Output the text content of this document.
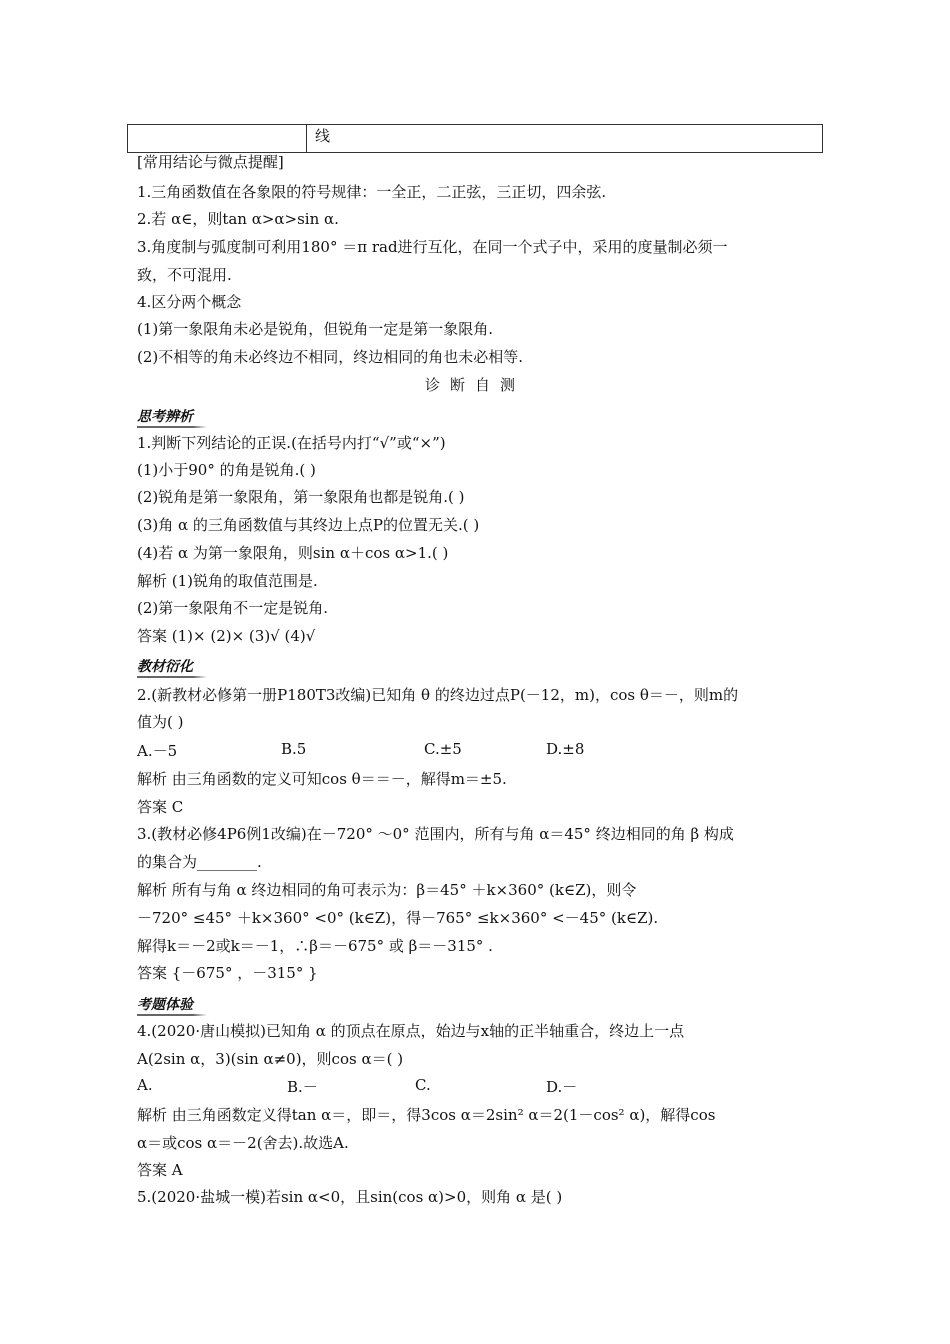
	线
[常用结论与微点提醒]
1.三角函数值在各象限的符号规律：一全正，二正弦，三正切，四余弦.
2.若 α∈，则tan α>α>sin α.
3.角度制与弧度制可利用180° ＝π rad进行互化，在同一个式子中，采用的度量制必须一
致，不可混用.
4.区分两个概念
(1)第一象限角未必是锐角，但锐角一定是第一象限角.
(2)不相等的角未必终边不相同，终边相同的角也未必相等.
诊断自测
思考辨析
1.判断下列结论的正误.(在括号内打“√”或“×”)
(1)小于90° 的角是锐角.( )
(2)锐角是第一象限角，第一象限角也都是锐角.( )
(3)角 α 的三角函数值与其终边上点P的位置无关.( )
(4)若 α 为第一象限角，则sin α＋cos α>1.( )
解析 (1)锐角的取值范围是.
(2)第一象限角不一定是锐角.
答案 (1)× (2)× (3)√ (4)√
教材衍化
2.(新教材必修第一册P180T3改编)已知角 θ 的终边过点P(－12，m)，cos θ＝－，则m的
值为( )
A.－5	B.5	C.±5	D.±8
解析 由三角函数的定义可知cos θ＝＝－，解得m＝±5.
答案 C
3.(教材必修4P6例1改编)在－720° ～0° 范围内，所有与角 α＝45° 终边相同的角 β 构成
的集合为________.
解析 所有与角 α 终边相同的角可表示为：β＝45° ＋k×360° (k∈Z)，则令
－720° ≤45° ＋k×360° <0° (k∈Z)，得－765° ≤k×360° <－45° (k∈Z).
解得k＝－2或k＝－1，∴β＝－675° 或 β＝－315° .
答案 {－675° ，－315° }
考题体验
4.(2020·唐山模拟)已知角 α 的顶点在原点，始边与x轴的正半轴重合，终边上一点
A(2sin α，3)(sin α≠0)，则cos α＝( )
A.	B.－	C.	D.－
解析 由三角函数定义得tan α＝，即＝，得3cos α＝2sin² α＝2(1－cos² α)，解得cos
α＝或cos α＝－2(舍去).故选A.
答案 A
5.(2020·盐城一模)若sin α<0，且sin(cos α)>0，则角 α 是( )
